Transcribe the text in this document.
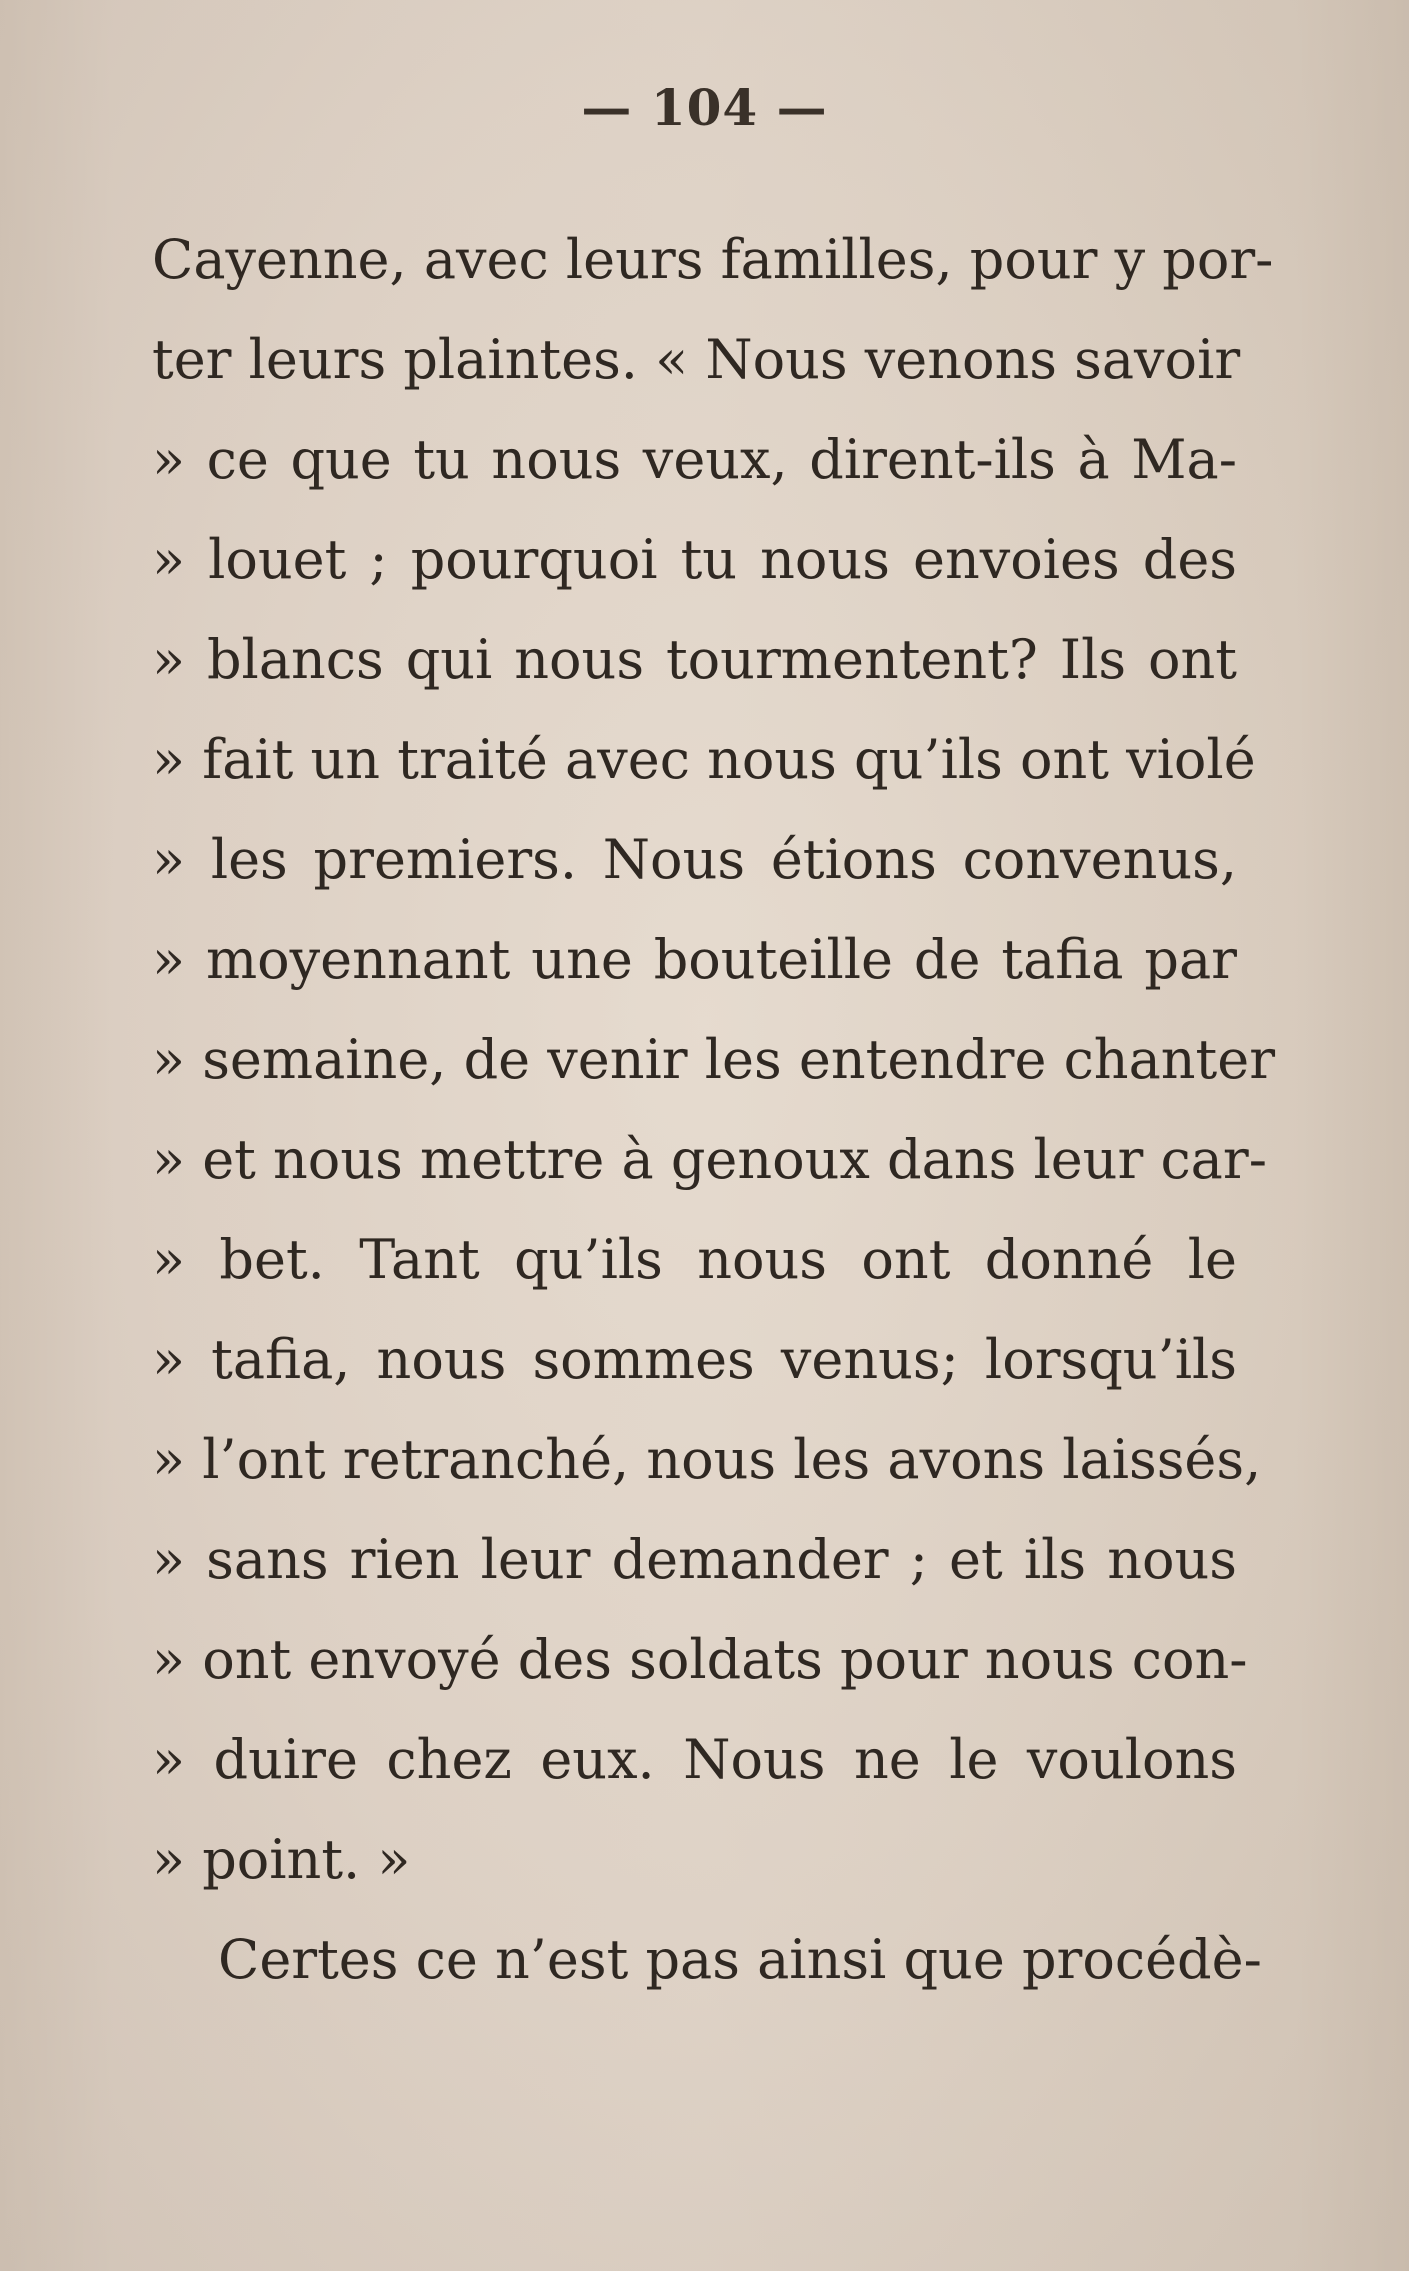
— 104 —
Cayenne, avec leurs familles, pour y por-
ter leurs plaintes. « Nous venons savoir
» ce que tu nous veux, dirent-ils à Ma-
» louet ; pourquoi tu nous envoies des
» blancs qui nous tourmentent? Ils ont
» fait un traité avec nous qu’ils ont violé
» les premiers. Nous étions convenus,
» moyennant une bouteille de tafia par
» semaine, de venir les entendre chanter
» et nous mettre à genoux dans leur car-
» bet. Tant qu’ils nous ont donné le
» tafia, nous sommes venus; lorsqu’ils
» l’ont retranché, nous les avons laissés,
» sans rien leur demander ; et ils nous
» ont envoyé des soldats pour nous con-
» duire chez eux. Nous ne le voulons
» point. »
Certes ce n’est pas ainsi que procédè-
